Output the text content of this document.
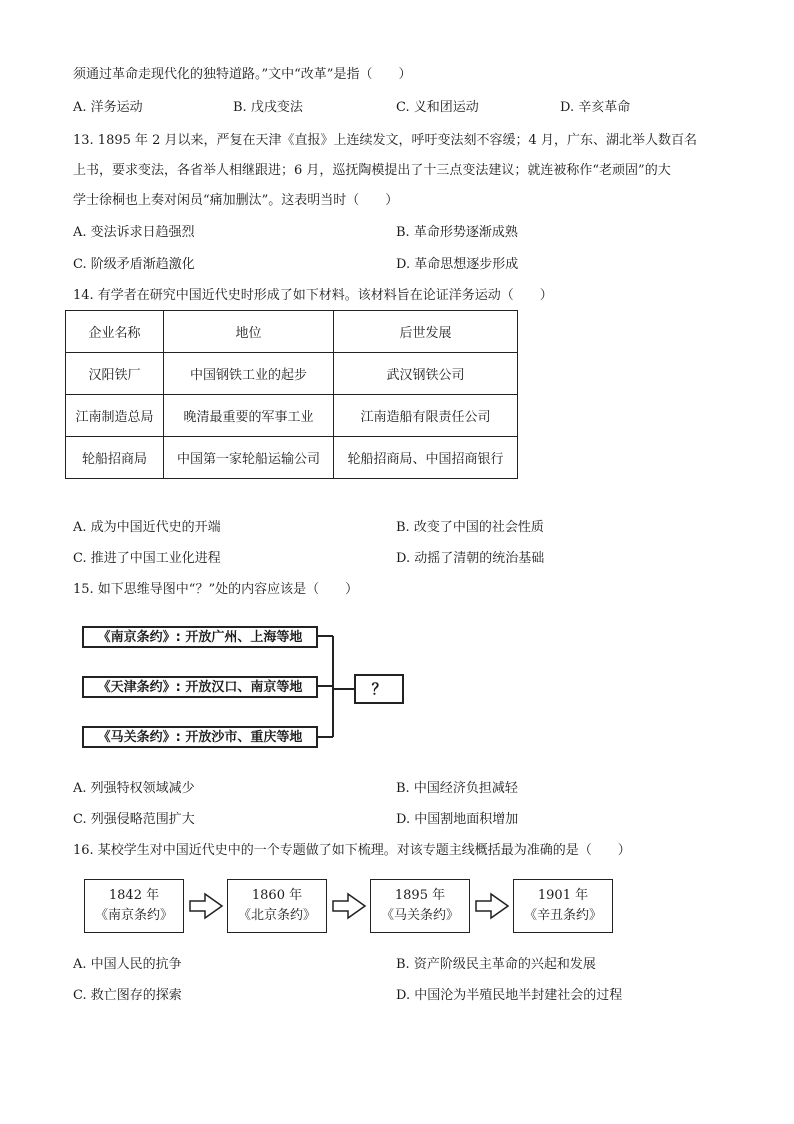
须通过革命走现代化的独特道路。”文中“改革”是指（　　）
A. 洋务运动	B. 戊戌变法	C. 义和团运动	D. 辛亥革命
13. 1895 年 2 月以来，严复在天津《直报》上连续发文，呼吁变法刻不容缓；4 月，广东、湖北举人数百名
上书，要求变法，各省举人相继跟进；6 月，巡抚陶模提出了十三点变法建议；就连被称作“老顽固”的大
学士徐桐也上奏对闲员“痛加删汰”。这表明当时（　　）
A. 变法诉求日趋强烈	B. 革命形势逐渐成熟
C. 阶级矛盾渐趋激化	D. 革命思想逐步形成
14. 有学者在研究中国近代史时形成了如下材料。该材料旨在论证洋务运动（　　）
企业名称	地位	后世发展
汉阳铁厂	中国钢铁工业的起步	武汉钢铁公司
江南制造总局	晚清最重要的军事工业	江南造船有限责任公司
轮船招商局	中国第一家轮船运输公司	轮船招商局、中国招商银行
A. 成为中国近代史的开端	B. 改变了中国的社会性质
C. 推进了中国工业化进程	D. 动摇了清朝的统治基础
15. 如下思维导图中“？”处的内容应该是（　　）
《南京条约》: 开放广州、上海等地
《天津条约》: 开放汉口、南京等地
《马关条约》: 开放沙市、重庆等地
？
A. 列强特权领域减少	B. 中国经济负担减轻
C. 列强侵略范围扩大	D. 中国割地面积增加
16. 某校学生对中国近代史中的一个专题做了如下梳理。对该专题主线概括最为准确的是（　　）
1842 年
《南京条约》
1860 年
《北京条约》
1895 年
《马关条约》
1901 年
《辛丑条约》
A. 中国人民的抗争	B. 资产阶级民主革命的兴起和发展
C. 救亡图存的探索	D. 中国沦为半殖民地半封建社会的过程
